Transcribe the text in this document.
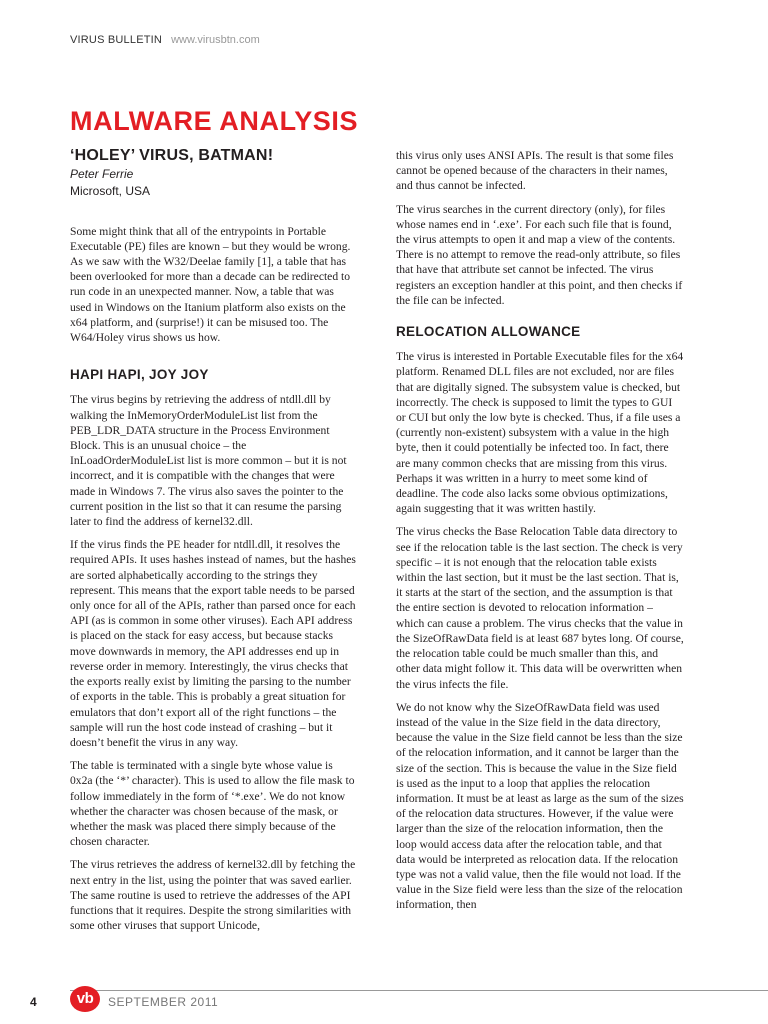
VIRUS BULLETIN www.virusbtn.com
MALWARE ANALYSIS
‘HOLEY’ VIRUS, BATMAN!

Peter Ferrie

Microsoft, USA

Some might think that all of the entrypoints in Portable Executable (PE) files are known – but they would be wrong. As we saw with the W32/Deelae family [1], a table that has been overlooked for more than a decade can be redirected to run code in an unexpected manner. Now, a table that was used in Windows on the Itanium platform also exists on the x64 platform, and (surprise!) it can be misused too. The W64/Holey virus shows us how.

HAPI HAPI, JOY JOY

The virus begins by retrieving the address of ntdll.dll by walking the InMemoryOrderModuleList list from the PEB_LDR_DATA structure in the Process Environment Block. This is an unusual choice – the InLoadOrderModuleList list is more common – but it is not incorrect, and it is compatible with the changes that were made in Windows 7. The virus also saves the pointer to the current position in the list so that it can resume the parsing later to find the address of kernel32.dll.

If the virus finds the PE header for ntdll.dll, it resolves the required APIs. It uses hashes instead of names, but the hashes are sorted alphabetically according to the strings they represent. This means that the export table needs to be parsed only once for all of the APIs, rather than parsed once for each API (as is common in some other viruses). Each API address is placed on the stack for easy access, but because stacks move downwards in memory, the API addresses end up in reverse order in memory. Interestingly, the virus checks that the exports really exist by limiting the parsing to the number of exports in the table. This is probably a great situation for emulators that don’t export all of the right functions – the sample will run the host code instead of crashing – but it doesn’t benefit the virus in any way.

The table is terminated with a single byte whose value is 0x2a (the ‘*’ character). This is used to allow the file mask to follow immediately in the form of ‘*.exe’. We do not know whether the character was chosen because of the mask, or whether the mask was placed there simply because of the chosen character.

The virus retrieves the address of kernel32.dll by fetching the next entry in the list, using the pointer that was saved earlier. The same routine is used to retrieve the addresses of the API functions that it requires. Despite the strong similarities with some other viruses that support Unicode,

this virus only uses ANSI APIs. The result is that some files cannot be opened because of the characters in their names, and thus cannot be infected.

The virus searches in the current directory (only), for files whose names end in ‘.exe’. For each such file that is found, the virus attempts to open it and map a view of the contents. There is no attempt to remove the read-only attribute, so files that have that attribute set cannot be infected. The virus registers an exception handler at this point, and then checks if the file can be infected.

RELOCATION ALLOWANCE

The virus is interested in Portable Executable files for the x64 platform. Renamed DLL files are not excluded, nor are files that are digitally signed. The subsystem value is checked, but incorrectly. The check is supposed to limit the types to GUI or CUI but only the low byte is checked. Thus, if a file uses a (currently non-existent) subsystem with a value in the high byte, then it could potentially be infected too. In fact, there are many common checks that are missing from this virus. Perhaps it was written in a hurry to meet some kind of deadline. The code also lacks some obvious optimizations, again suggesting that it was written hastily.

The virus checks the Base Relocation Table data directory to see if the relocation table is the last section. The check is very specific – it is not enough that the relocation table exists within the last section, but it must be the last section. That is, it starts at the start of the section, and the assumption is that the entire section is devoted to relocation information – which can cause a problem. The virus checks that the value in the SizeOfRawData field is at least 687 bytes long. Of course, the relocation table could be much smaller than this, and other data might follow it. This data will be overwritten when the virus infects the file.

We do not know why the SizeOfRawData field was used instead of the value in the Size field in the data directory, because the value in the Size field cannot be less than the size of the relocation information, and it cannot be larger than the size of the section. This is because the value in the Size field is used as the input to a loop that applies the relocation information. It must be at least as large as the sum of the sizes of the relocation data structures. However, if the value were larger than the size of the relocation information, then the loop would access data after the relocation table, and that data would be interpreted as relocation data. If the relocation type was not a valid value, then the file would not load. If the value in the Size field were less than the size of the relocation information, then

4	vb	SEPTEMBER 2011
